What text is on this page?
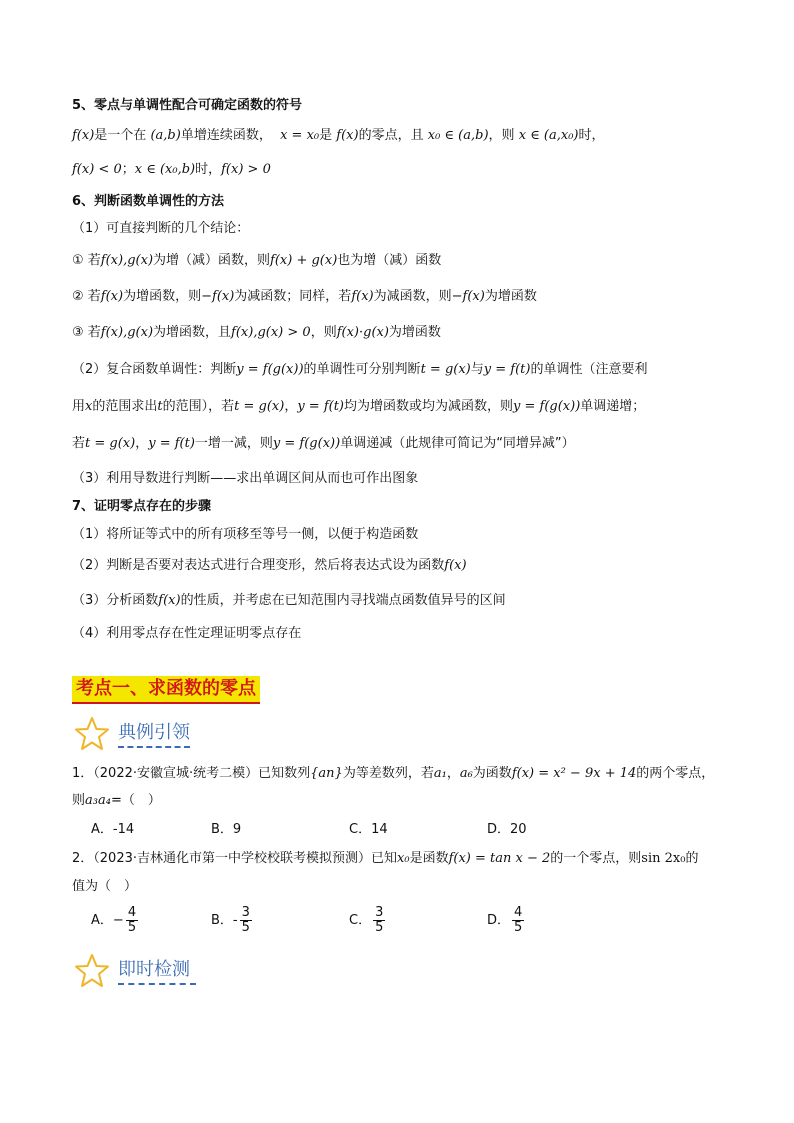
5、零点与单调性配合可确定函数的符号
f(x)是一个在 (a,b)单增连续函数， x = x₀是 f(x)的零点，且 x₀ ∈ (a,b)，则 x ∈ (a,x₀)时，
f(x) < 0；x ∈ (x₀,b)时，f(x) > 0
6、判断函数单调性的方法
（1）可直接判断的几个结论：
① 若f(x),g(x)为增（减）函数，则f(x) + g(x)也为增（减）函数
② 若f(x)为增函数，则−f(x)为减函数；同样，若f(x)为减函数，则−f(x)为增函数
③ 若f(x),g(x)为增函数，且f(x),g(x) > 0，则f(x)·g(x)为增函数
（2）复合函数单调性：判断y = f(g(x))的单调性可分别判断t = g(x)与y = f(t)的单调性（注意要利
用x的范围求出t的范围），若t = g(x)，y = f(t)均为增函数或均为减函数，则y = f(g(x))单调递增；
若t = g(x)，y = f(t)一增一减，则y = f(g(x))单调递减（此规律可简记为“同增异减”）
（3）利用导数进行判断——求出单调区间从而也可作出图象
7、证明零点存在的步骤
（1）将所证等式中的所有项移至等号一侧，以便于构造函数
（2）判断是否要对表达式进行合理变形，然后将表达式设为函数f(x)
（3）分析函数f(x)的性质，并考虑在已知范围内寻找端点函数值异号的区间
（4）利用零点存在性定理证明零点存在
考点一、求函数的零点
典例引领
1．（2022·安徽宣城·统考二模）已知数列{an}为等差数列，若a₁，a₆为函数f(x) = x² − 9x + 14的两个零点，
则a₃a₄=（　）
A．-14	B．9	C．14	D．20
2．（2023·吉林通化市第一中学校校联考模拟预测）已知x₀是函数f(x) = tan x − 2的一个零点，则sin 2x₀的
值为（　）
A．− $\frac{4}{5}$	B．- $\frac{3}{5}$	C． $\frac{3}{5}$	D． $\frac{4}{5}$
即时检测
